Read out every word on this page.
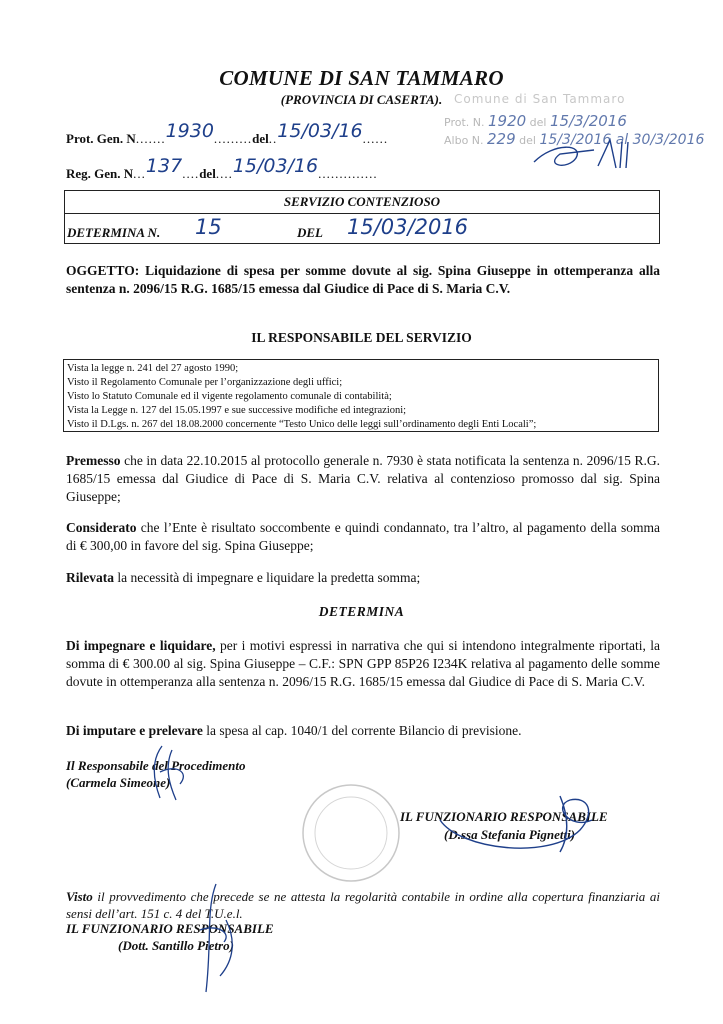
COMUNE DI SAN TAMMARO
(PROVINCIA DI CASERTA).
Prot. Gen. N.......1930.........del..15/03/16......
Reg. Gen. N...137....del....15/03/16..............
Comune di San Tammaro
Prot. N. 1920 del 15/3/2016
Albo N. 229 del 15/3/2016 al 30/3/2016
SERVIZIO CONTENZIOSO
DETERMINA N. 15	DEL 15/03/2016
OGGETTO: Liquidazione di spesa per somme dovute al sig. Spina Giuseppe in ottemperanza alla sentenza n. 2096/15 R.G. 1685/15 emessa dal Giudice di Pace di S. Maria C.V.
IL RESPONSABILE DEL SERVIZIO
Vista la legge n. 241 del 27 agosto 1990;
Visto il Regolamento Comunale per l’organizzazione degli uffici;
Visto lo Statuto Comunale ed il vigente regolamento comunale di contabilità;
Vista la Legge n. 127 del 15.05.1997 e sue successive modifiche ed integrazioni;
Visto il D.Lgs. n. 267 del 18.08.2000 concernente “Testo Unico delle leggi sull’ordinamento degli Enti Locali”;
Premesso che in data 22.10.2015 al protocollo generale n. 7930 è stata notificata la sentenza n. 2096/15 R.G. 1685/15 emessa dal Giudice di Pace di S. Maria C.V. relativa al contenzioso promosso dal sig. Spina Giuseppe;
Considerato che l’Ente è risultato soccombente e quindi condannato, tra l’altro, al pagamento della somma di € 300,00 in favore del sig. Spina Giuseppe;
Rilevata la necessità di impegnare e liquidare la predetta somma;
DETERMINA
Di impegnare e liquidare, per i motivi espressi in narrativa che qui si intendono integralmente riportati, la somma di € 300.00 al sig. Spina Giuseppe – C.F.: SPN GPP 85P26 I234K relativa al pagamento delle somme dovute in ottemperanza alla sentenza n. 2096/15 R.G. 1685/15 emessa dal Giudice di Pace di S. Maria C.V.
Di imputare e prelevare la spesa al cap. 1040/1 del corrente Bilancio di previsione.
Il Responsabile del Procedimento
(Carmela Simeone)
IL FUNZIONARIO RESPONSABILE
(D.ssa Stefania Pignetti)
Visto il provvedimento che precede se ne attesta la regolarità contabile in ordine alla copertura finanziaria ai sensi dell’art. 151 c. 4 del T.U.e.l.
IL FUNZIONARIO RESPONSABILE
(Dott. Santillo Pietro)
